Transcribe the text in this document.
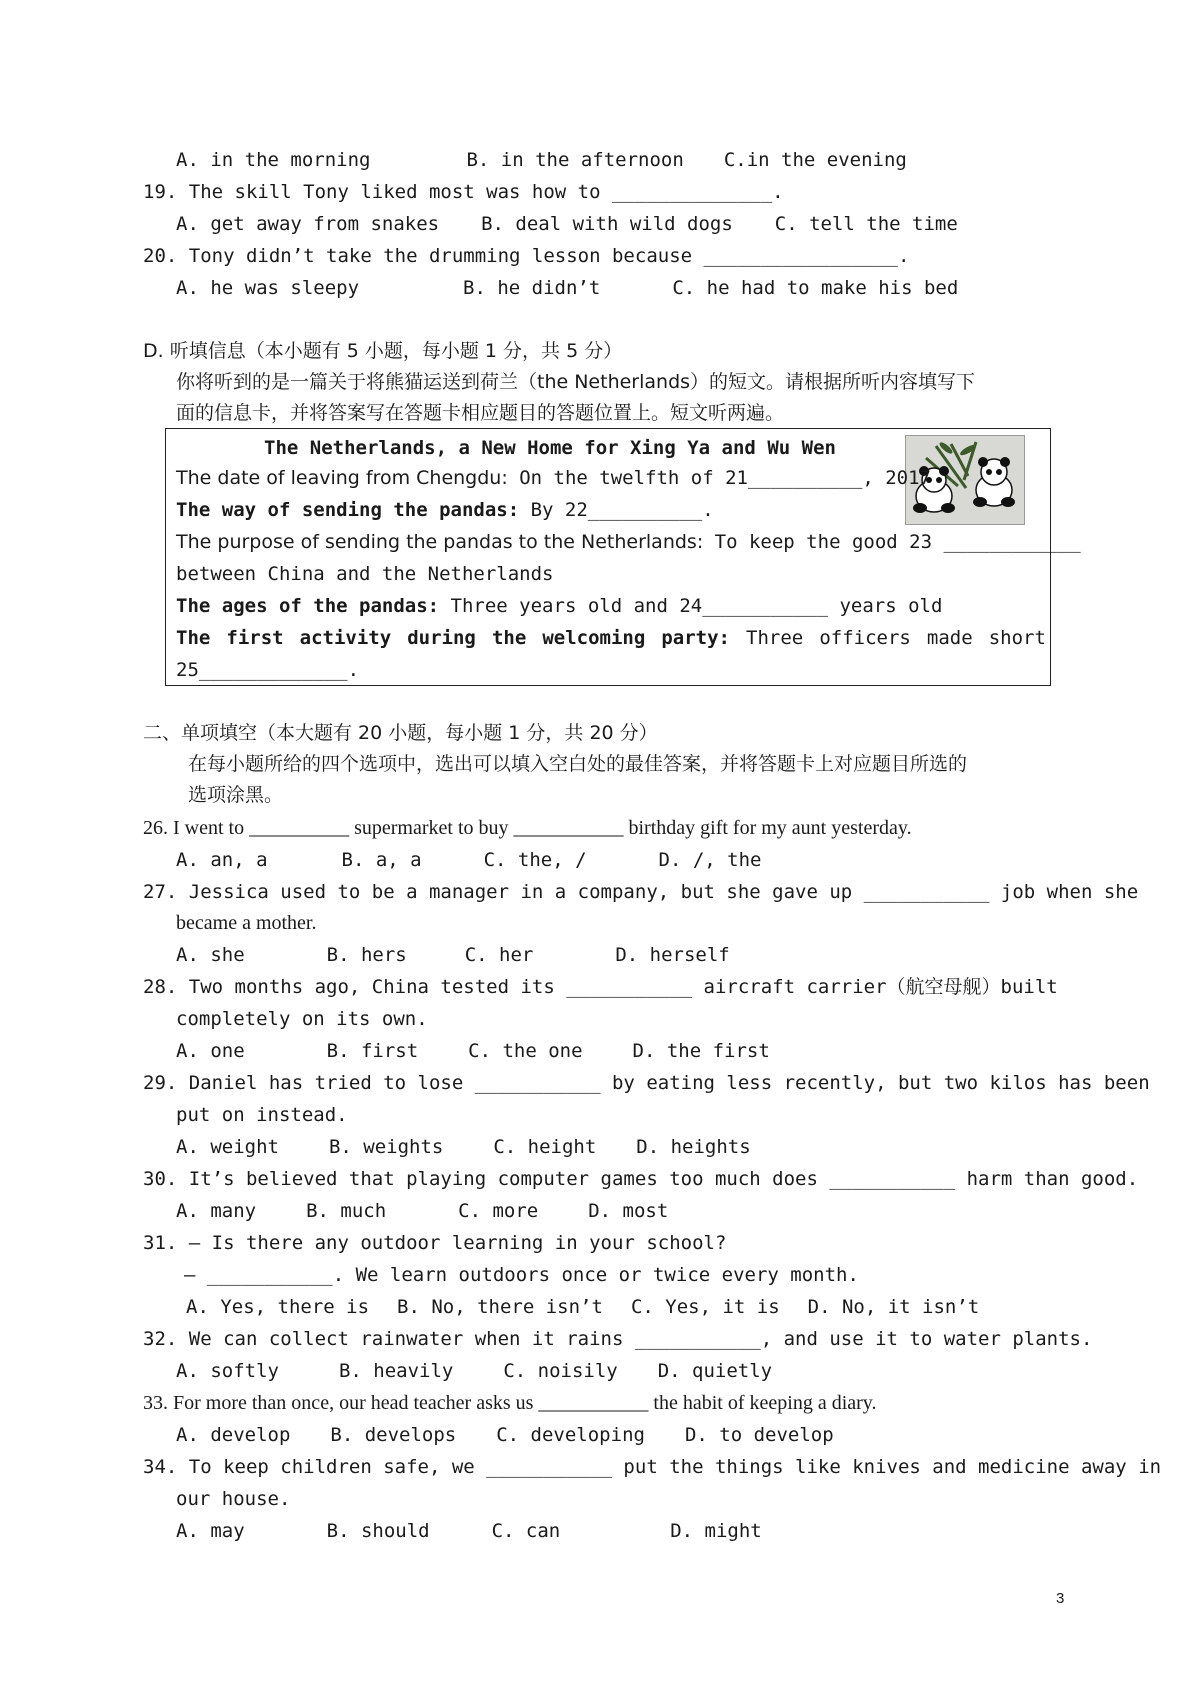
A. in the morning	B. in the afternoon C.in the evening
19. The skill Tony liked most was how to ______________.
A. get away from snakes B. deal with wild dogs C. tell the time
20. Tony didn’t take the drumming lesson because _________________.
A. he was sleepy	B. he didn’t	C. he had to make his bed
D. 听填信息（本小题有 5 小题，每小题 1 分，共 5 分）
你将听到的是一篇关于将熊猫运送到荷兰（the Netherlands）的短文。请根据所听内容填写下
面的信息卡，并将答案写在答题卡相应题目的答题位置上。短文听两遍。
The Netherlands, a New Home for Xing Ya and Wu Wen
The date of leaving from Chengdu: On the twelfth of 21__________, 2017
The way of sending the pandas: By 22__________.
The purpose of sending the pandas to the Netherlands: To keep the good 23 ____________
between China and the Netherlands
The ages of the pandas: Three years old and 24___________ years old
The first activity during the welcoming party: Three officers made short
25_____________.
二、单项填空（本大题有 20 小题，每小题 1 分，共 20 分）
在每小题所给的四个选项中，选出可以填入空白处的最佳答案，并将答题卡上对应题目所选的
选项涂黑。
26. I went to __________ supermarket to buy ___________ birthday gift for my aunt yesterday.
A. an, a	B. a, a	C. the, /	D. /, the
27. Jessica used to be a manager in a company, but she gave up ___________ job when she
became a mother.
A. she	B. hers	C. her	D. herself
28. Two months ago, China tested its ___________ aircraft carrier（航空母舰）built
completely on its own.
A. one	B. first	C. the one	D. the first
29. Daniel has tried to lose ___________ by eating less recently, but two kilos has been
put on instead.
A. weight	B. weights	C. height D. heights
30. It’s believed that playing computer games too much does ___________ harm than good.
A. many	B. much	C. more	D. most
31. — Is there any outdoor learning in your school?
— ___________. We learn outdoors once or twice every month.
A. Yes, there is B. No, there isn’t C. Yes, it is D. No, it isn’t
32. We can collect rainwater when it rains ___________, and use it to water plants.
A. softly	B. heavily	C. noisily D. quietly
33. For more than once, our head teacher asks us ___________ the habit of keeping a diary.
A. develop B. develops C. developing D. to develop
34. To keep children safe, we ___________ put the things like knives and medicine away in
our house.
A. may	B. should	C. can	D. might
3
